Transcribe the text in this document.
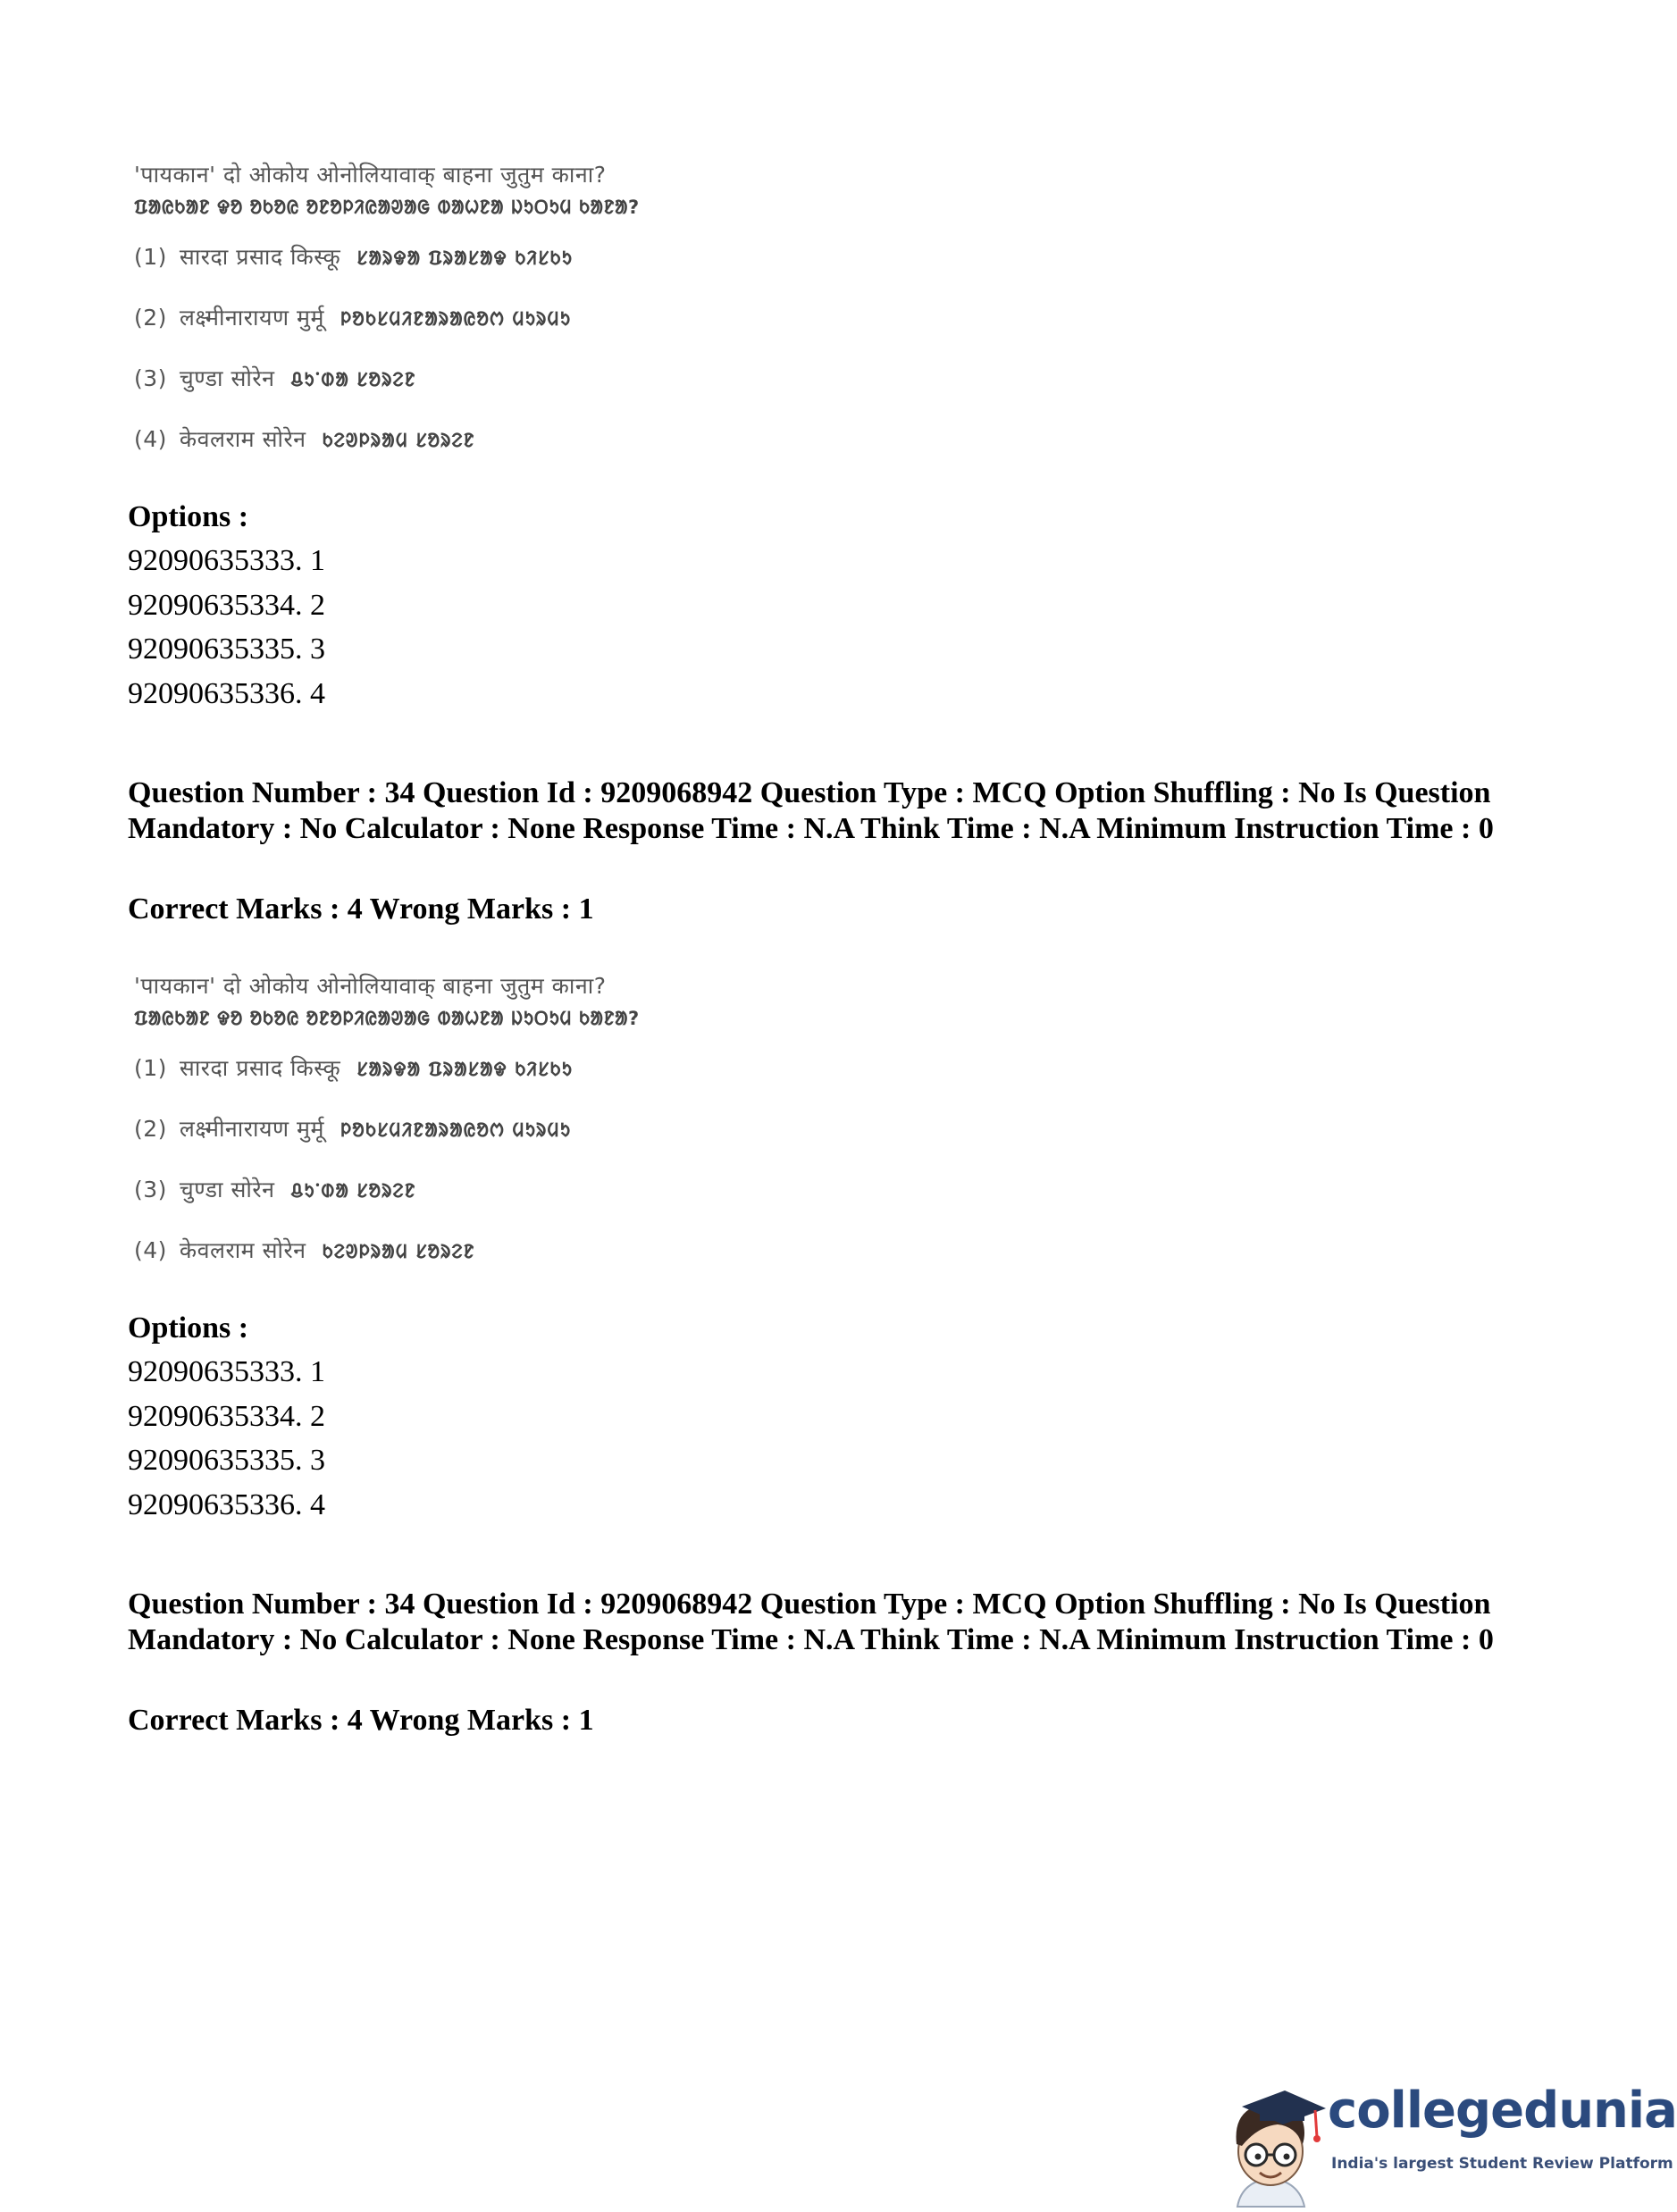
'पायकान' दो ओकोय ओनोलियावाक् बाहना जुतुम काना?
ᱯᱟᱭᱠᱟᱱ ᱫᱚ ᱚᱠᱚᱭ ᱚᱱᱚᱞᱤᱭᱟᱣᱟᱜ ᱵᱟᱦᱱᱟ ᱡᱩᱛᱩᱢ ᱠᱟᱱᱟ?
(1) सारदा प्रसाद किस्कू ᱥᱟᱨᱫᱟ ᱯᱨᱟᱥᱟᱫ ᱠᱤᱥᱠᱩ
(2) लक्ष्मीनारायण मुर्मू ᱞᱚᱠᱥᱢᱤᱱᱟᱨᱟᱭᱚᱬ ᱢᱩᱨᱢᱩ
(3) चुण्डा सोरेन ᱪᱩᱸᱰᱟ ᱥᱚᱨᱮᱱ
(4) केवलराम सोरेन ᱠᱮᱣᱞᱨᱟᱢ ᱥᱚᱨᱮᱱ
Options :
92090635333. 1
92090635334. 2
92090635335. 3
92090635336. 4
Question Number : 34 Question Id : 9209068942 Question Type : MCQ Option Shuffling : No Is Question Mandatory : No Calculator : None Response Time : N.A Think Time : N.A Minimum Instruction Time : 0
Correct Marks : 4 Wrong Marks : 1
'पायकान' दो ओकोय ओनोलियावाक् बाहना जुतुम काना?
ᱯᱟᱭᱠᱟᱱ ᱫᱚ ᱚᱠᱚᱭ ᱚᱱᱚᱞᱤᱭᱟᱣᱟᱜ ᱵᱟᱦᱱᱟ ᱡᱩᱛᱩᱢ ᱠᱟᱱᱟ?
(1) सारदा प्रसाद किस्कू ᱥᱟᱨᱫᱟ ᱯᱨᱟᱥᱟᱫ ᱠᱤᱥᱠᱩ
(2) लक्ष्मीनारायण मुर्मू ᱞᱚᱠᱥᱢᱤᱱᱟᱨᱟᱭᱚᱬ ᱢᱩᱨᱢᱩ
(3) चुण्डा सोरेन ᱪᱩᱸᱰᱟ ᱥᱚᱨᱮᱱ
(4) केवलराम सोरेन ᱠᱮᱣᱞᱨᱟᱢ ᱥᱚᱨᱮᱱ
Options :
92090635333. 1
92090635334. 2
92090635335. 3
92090635336. 4
Question Number : 34 Question Id : 9209068942 Question Type : MCQ Option Shuffling : No Is Question Mandatory : No Calculator : None Response Time : N.A Think Time : N.A Minimum Instruction Time : 0
Correct Marks : 4 Wrong Marks : 1
collegedunia
India's largest Student Review Platform
